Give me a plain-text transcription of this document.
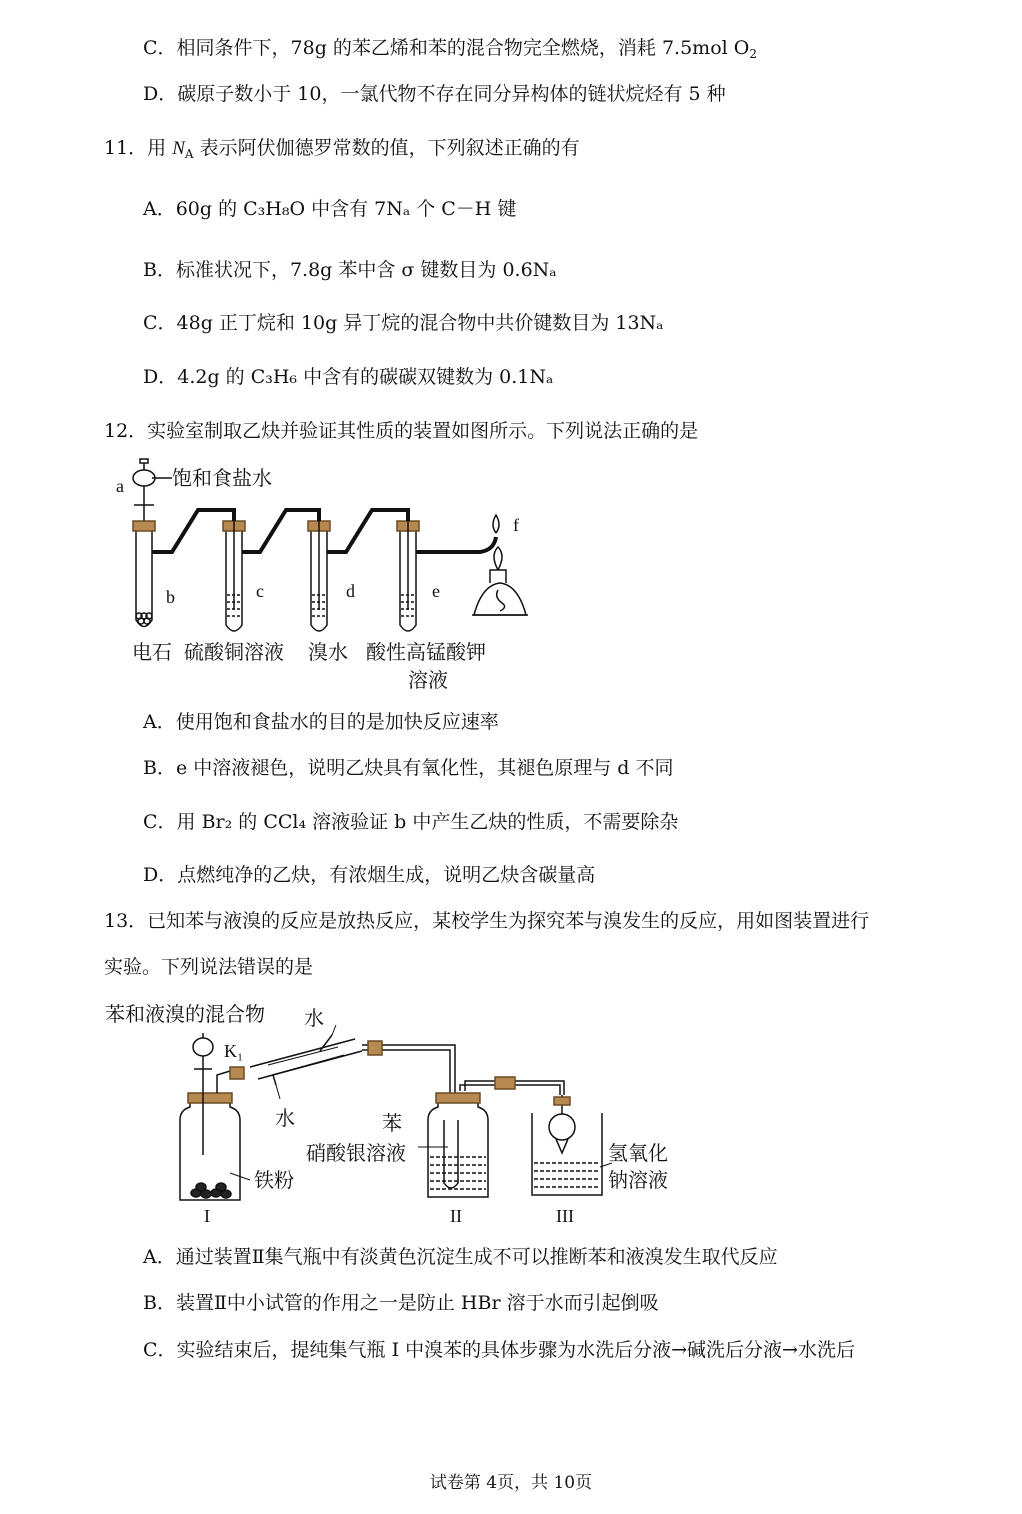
C．相同条件下，78g 的苯乙烯和苯的混合物完全燃烧，消耗 7.5mol $O_2$
D．碳原子数小于 10，一氯代物不存在同分异构体的链状烷烃有 5 种
11．用 $N_A$ 表示阿伏伽德罗常数的值，下列叙述正确的有
A．60g 的 C₃H₈O 中含有 7Nₐ 个 C－H 键
B．标准状况下，7.8g 苯中含 σ 键数目为 0.6Nₐ
C．48g 正丁烷和 10g 异丁烷的混合物中共价键数目为 13Nₐ
D．4.2g 的 C₃H₆ 中含有的碳碳双键数为 0.1Nₐ
12．实验室制取乙炔并验证其性质的装置如图所示。下列说法正确的是
a 饱和食盐水
b	c	d	e
f
电石 硫酸铜溶液 溴水 酸性高锰酸钾
溶液
A．使用饱和食盐水的目的是加快反应速率
B．e 中溶液褪色，说明乙炔具有氧化性，其褪色原理与 d 不同
C．用 Br₂ 的 CCl₄ 溶液验证 b 中产生乙炔的性质，不需要除杂
D．点燃纯净的乙炔，有浓烟生成，说明乙炔含碳量高
13．已知苯与液溴的反应是放热反应，某校学生为探究苯与溴发生的反应，用如图装置进行
实验。下列说法错误的是
苯和液溴的混合物 水
水
K₁
苯
硝酸银溶液
铁粉
氢氧化
钠溶液
I	II	III
A．通过装置Ⅱ集气瓶中有淡黄色沉淀生成不可以推断苯和液溴发生取代反应
B．装置Ⅱ中小试管的作用之一是防止 HBr 溶于水而引起倒吸
C．实验结束后，提纯集气瓶 I 中溴苯的具体步骤为水洗后分液→碱洗后分液→水洗后
试卷第 4页，共 10页
